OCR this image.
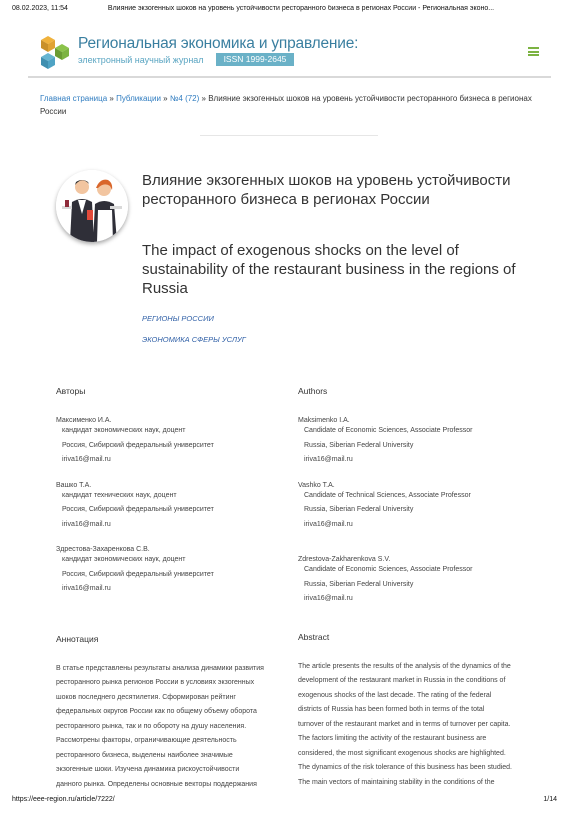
08.02.2023, 11:54	Влияние экзогенных шоков на уровень устойчивости ресторанного бизнеса в регионах России - Региональная эконо...
Региональная экономика и управление:
электронный научный журнал	ISSN 1999-2645
Главная страница » Публикации » №4 (72) » Влияние экзогенных шоков на уровень устойчивости ресторанного бизнеса в регионах России
Влияние экзогенных шоков на уровень устойчивости ресторанного бизнеса в регионах России
The impact of exogenous shocks on the level of sustainability of the restaurant business in the regions of Russia
РЕГИОНЫ РОССИИ
ЭКОНОМИКА СФЕРЫ УСЛУГ
Авторы
Максименко И.А.
кандидат экономических наук, доцент
Россия, Сибирский федеральный университет
iriva16@mail.ru
Вашко Т.А.
кандидат технических наук, доцент
Россия, Сибирский федеральный университет
iriva16@mail.ru
Здрестова-Захаренкова С.В.
кандидат экономических наук, доцент
Россия, Сибирский федеральный университет
iriva16@mail.ru
Authors
Maksimenko I.A.
Candidate of Economic Sciences, Associate Professor
Russia, Siberian Federal University
iriva16@mail.ru
Vashko T.A.
Candidate of Technical Sciences, Associate Professor
Russia, Siberian Federal University
iriva16@mail.ru
Zdrestova-Zakharenkova S.V.
Candidate of Economic Sciences, Associate Professor
Russia, Siberian Federal University
iriva16@mail.ru
Аннотация
В статье представлены результаты анализа динамики развития
ресторанного рынка регионов России в условиях экзогенных
шоков последнего десятилетия. Сформирован рейтинг
федеральных округов России как по общему объему оборота
ресторанного рынка, так и по обороту на душу населения.
Рассмотрены факторы, ограничивающие деятельность
ресторанного бизнеса, выделены наиболее значимые
экзогенные шоки. Изучена динамика рискоустойчивости
данного рынка. Определены основные векторы поддержания
Abstract
The article presents the results of the analysis of the dynamics of the
development of the restaurant market in Russia in the conditions of
exogenous shocks of the last decade. The rating of the federal
districts of Russia has been formed both in terms of the total
turnover of the restaurant market and in terms of turnover per capita.
The factors limiting the activity of the restaurant business are
considered, the most significant exogenous shocks are highlighted.
The dynamics of the risk tolerance of this business has been studied.
The main vectors of maintaining stability in the conditions of the
https://eee-region.ru/article/7222/	1/14
